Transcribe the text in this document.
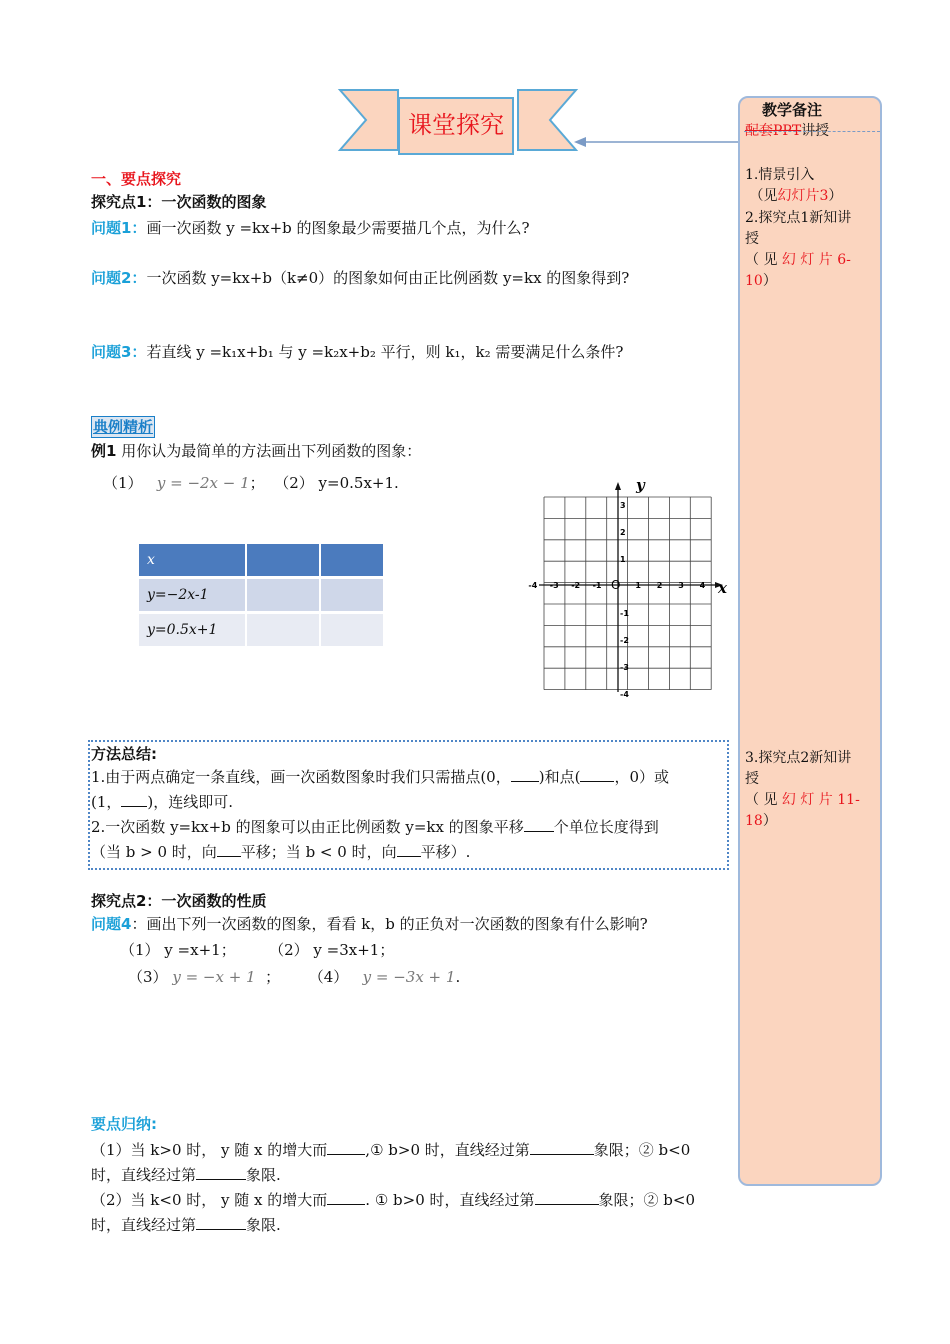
课堂探究
教学备注
配套PPT讲授
1.情景引入
（见幻灯片3）
2.探究点1新知讲
授
（ 见 幻 灯 片 6-
10）
3.探究点2新知讲
授
（ 见 幻 灯 片 11-
18）
一、要点探究
探究点1：一次函数的图象
问题1：画一次函数 y =kx+b 的图象最少需要描几个点，为什么?
问题2：一次函数 y=kx+b（k≠0）的图象如何由正比例函数 y=kx 的图象得到?
问题3：若直线 y =k₁x+b₁ 与 y =k₂x+b₂ 平行，则 k₁，k₂ 需要满足什么条件?
典例精析
例1 用你认为最简单的方法画出下列函数的图象：
（1） y = −2x − 1； （2） y=0.5x+1.
x		
y=−2x-1		
y=0.5x+1		
x
y
O
-4 -3 -2 -1	1 2 3 4
3
2
1
-1
-2
-3
-4
方法总结:
1.由于两点确定一条直线，画一次函数图象时我们只需描点(0， )和点( ，0）或
(1， )，连线即可.
2.一次函数 y=kx+b 的图象可以由正比例函数 y=kx 的图象平移 个单位长度得到
（当 b > 0 时，向 平移；当 b < 0 时，向 平移）.
探究点2：一次函数的性质
问题4：画出下列一次函数的图象，看看 k，b 的正负对一次函数的图象有什么影响?
（1） y =x+1； （2） y =3x+1；
（3） y = −x + 1 ； （4） y = −3x + 1.
要点归纳:
（1）当 k>0 时， y 随 x 的增大而	,① b>0 时，直线经过第	象限；② b<0
时，直线经过第	象限.
（2）当 k<0 时， y 随 x 的增大而	. ① b>0 时，直线经过第	象限；② b<0
时，直线经过第	象限.
